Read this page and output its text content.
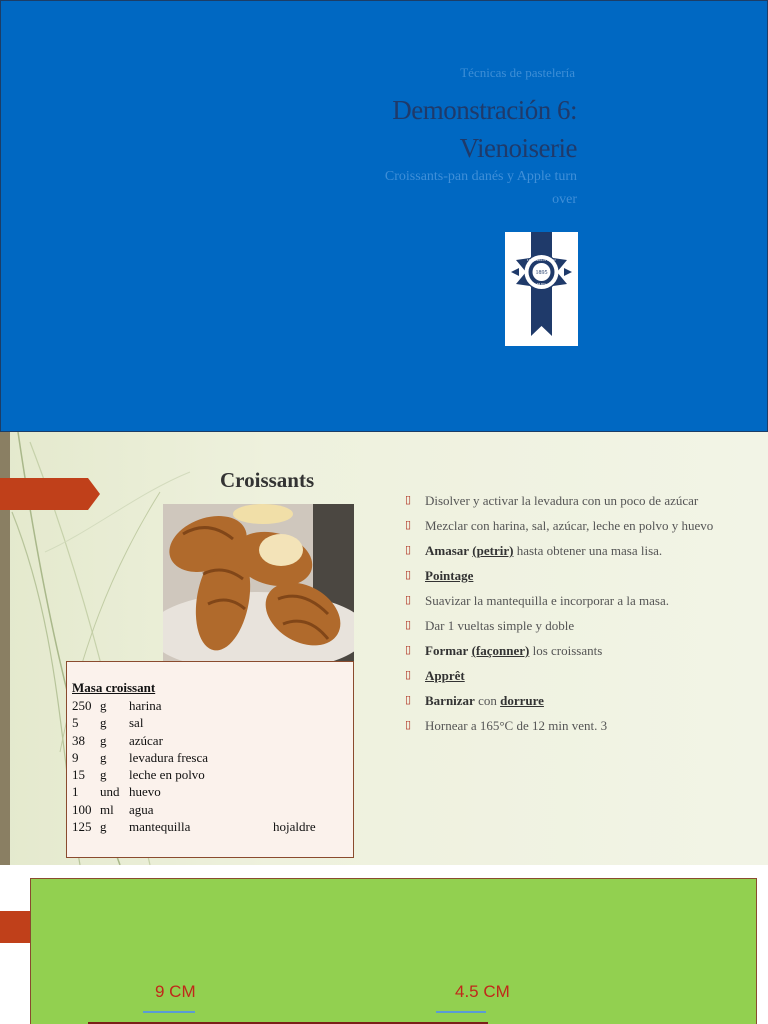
Técnicas de pastelería
Demonstración 6:
Vienoiserie
Croissants-pan danés y Apple turn
over
1895
LE CORDON BLEU
PARIS
Croissants
Masa croissant
250 g	harina
5	g	sal
38	g	azúcar
9	g	levadura fresca
15	g	leche en polvo
1	und huevo
100 ml	agua
125 g	mantequilla	hojaldre
▯ Disolver y activar la levadura con un poco de azúcar
▯ Mezclar con harina, sal, azúcar, leche en polvo y huevo
▯ Amasar (petrir) hasta obtener una masa lisa.
▯ Pointage
▯ Suavizar la mantequilla e incorporar a la masa.
▯ Dar 1 vueltas simple y doble
▯ Formar (façonner) los croissants
▯ Apprêt
▯ Barnizar con dorrure
▯ Hornear a 165°C de 12 min vent. 3
9 CM	4.5 CM
